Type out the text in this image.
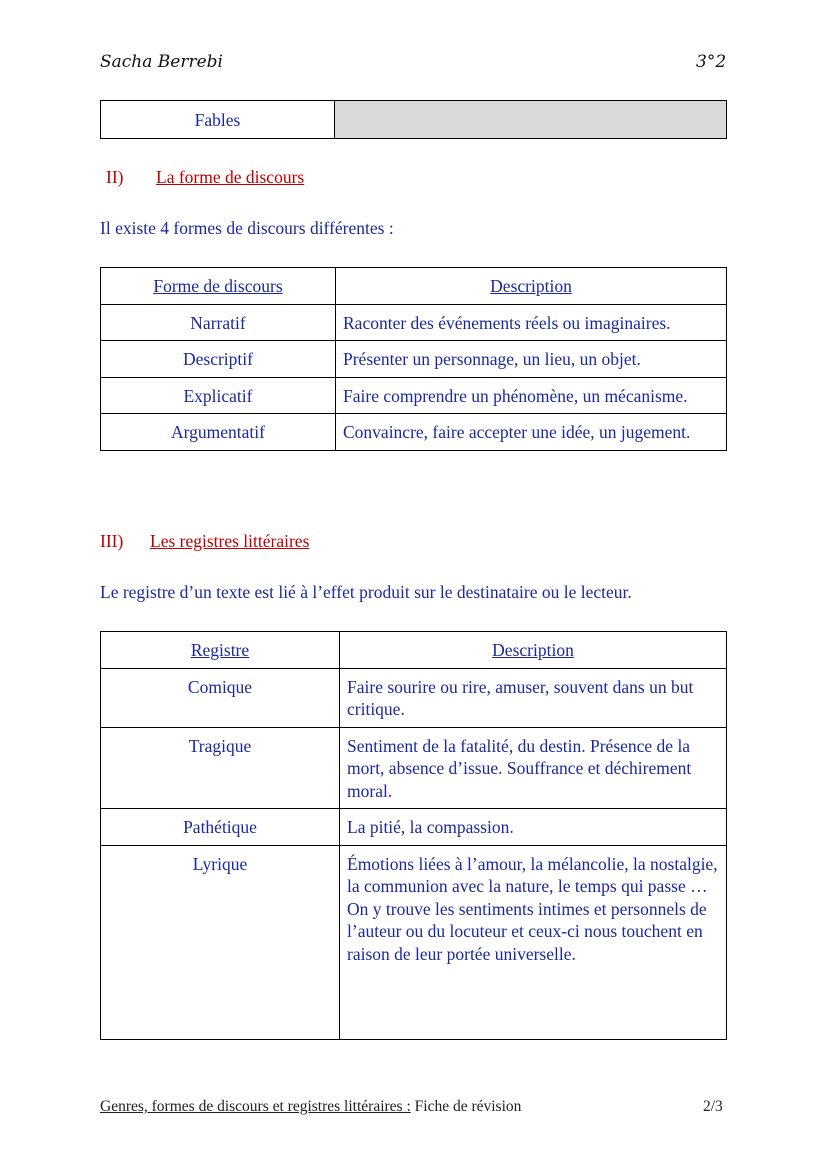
Sacha Berrebi	3°2
Fables	
II) La forme de discours
Il existe 4 formes de discours différentes :
Forme de discours	Description
Narratif	Raconter des événements réels ou imaginaires.
Descriptif	Présenter un personnage, un lieu, un objet.
Explicatif	Faire comprendre un phénomène, un mécanisme.
Argumentatif	Convaincre, faire accepter une idée, un jugement.
III) Les registres littéraires
Le registre d’un texte est lié à l’effet produit sur le destinataire ou le lecteur.
Registre	Description
Comique	Faire sourire ou rire, amuser, souvent dans un but critique.
Tragique	Sentiment de la fatalité, du destin. Présence de la mort, absence d’issue. Souffrance et déchirement moral.
Pathétique	La pitié, la compassion.
Lyrique	Émotions liées à l’amour, la mélancolie, la nostalgie, la communion avec la nature, le temps qui passe … On y trouve les sentiments intimes et personnels de l’auteur ou du locuteur et ceux-ci nous touchent en raison de leur portée universelle.
Genres, formes de discours et registres littéraires : Fiche de révision	2/3
